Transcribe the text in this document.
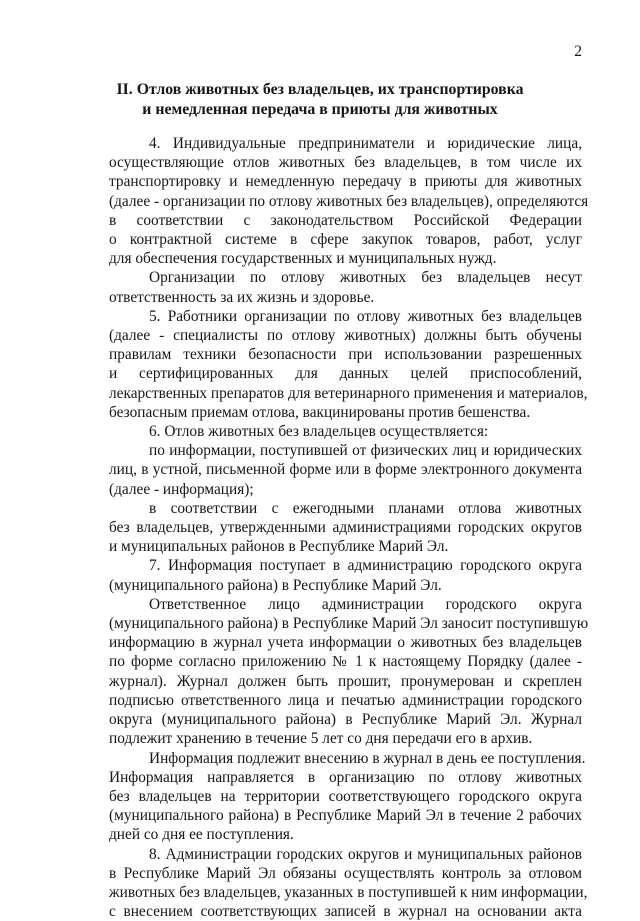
2
II. Отлов животных без владельцев, их транспортировка
и немедленная передача в приюты для животных

4. Индивидуальные предприниматели и юридические лица,
осуществляющие отлов животных без владельцев, в том числе их
транспортировку и немедленную передачу в приюты для животных
(далее - организации по отлову животных без владельцев), определяются
в соответствии с законодательством Российской Федерации
о контрактной системе в сфере закупок товаров, работ, услуг
для обеспечения государственных и муниципальных нужд.

Организации по отлову животных без владельцев несут
ответственность за их жизнь и здоровье.

5. Работники организации по отлову животных без владельцев
(далее - специалисты по отлову животных) должны быть обучены
правилам техники безопасности при использовании разрешенных
и сертифицированных для данных целей приспособлений,
лекарственных препаратов для ветеринарного применения и материалов,
безопасным приемам отлова, вакцинированы против бешенства.

6. Отлов животных без владельцев осуществляется:

по информации, поступившей от физических лиц и юридических
лиц, в устной, письменной форме или в форме электронного документа
(далее - информация);

в соответствии с ежегодными планами отлова животных
без владельцев, утвержденными администрациями городских округов
и муниципальных районов в Республике Марий Эл.

7. Информация поступает в администрацию городского округа
(муниципального района) в Республике Марий Эл.

Ответственное лицо администрации городского округа
(муниципального района) в Республике Марий Эл заносит поступившую
информацию в журнал учета информации о животных без владельцев
по форме согласно приложению № 1 к настоящему Порядку (далее -
журнал). Журнал должен быть прошит, пронумерован и скреплен
подписью ответственного лица и печатью администрации городского
округа (муниципального района) в Республике Марий Эл. Журнал
подлежит хранению в течение 5 лет со дня передачи его в архив.

Информация подлежит внесению в журнал в день ее поступления.
Информация направляется в организацию по отлову животных
без владельцев на территории соответствующего городского округа
(муниципального района) в Республике Марий Эл в течение 2 рабочих
дней со дня ее поступления.

8. Администрации городских округов и муниципальных районов
в Республике Марий Эл обязаны осуществлять контроль за отловом
животных без владельцев, указанных в поступившей к ним информации,
с внесением соответствующих записей в журнал на основании акта
